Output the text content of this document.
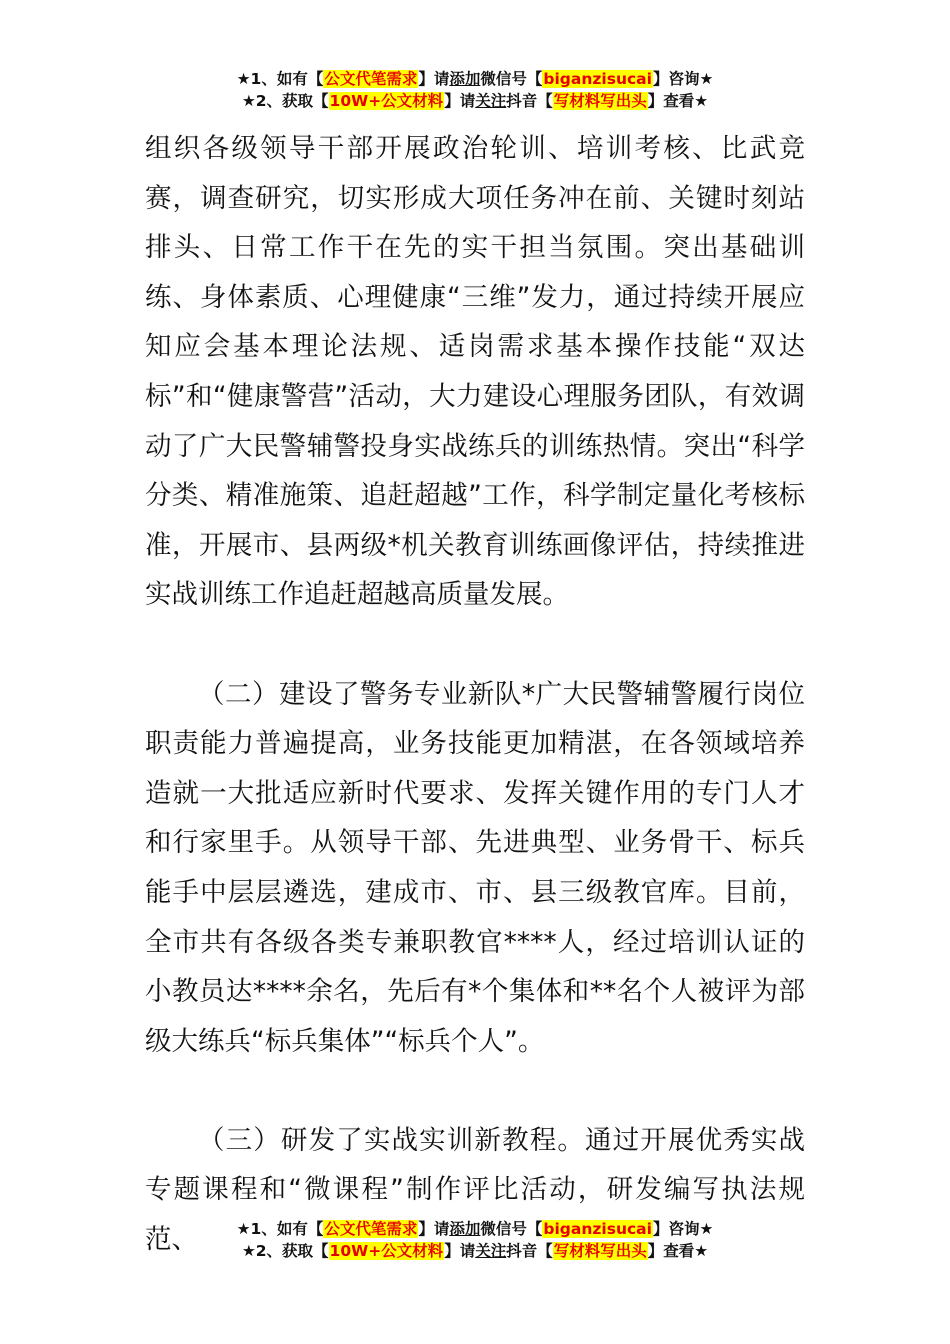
★1、如有【公文代笔需求】请添加微信号【biganzisucai】咨询★
★2、获取【10W+公文材料】请关注抖音【写材料写出头】查看★

组织各级领导干部开展政治轮训、培训考核、比武竞赛，调查研究，切实形成大项任务冲在前、关键时刻站排头、日常工作干在先的实干担当氛围。突出基础训练、身体素质、心理健康“三维”发力，通过持续开展应知应会基本理论法规、适岗需求基本操作技能“双达标”和“健康警营”活动，大力建设心理服务团队，有效调动了广大民警辅警投身实战练兵的训练热情。突出“科学分类、精准施策、追赶超越”工作，科学制定量化考核标准，开展市、县两级*机关教育训练画像评估，持续推进实战训练工作追赶超越高质量发展。

（二）建设了警务专业新队*广大民警辅警履行岗位职责能力普遍提高，业务技能更加精湛，在各领域培养造就一大批适应新时代要求、发挥关键作用的专门人才和行家里手。从领导干部、先进典型、业务骨干、标兵能手中层层遴选，建成市、市、县三级教官库。目前，全市共有各级各类专兼职教官****人，经过培训认证的小教员达****余名，先后有*个集体和**名个人被评为部级大练兵“标兵集体”“标兵个人”。

（三）研发了实战实训新教程。通过开展优秀实战专题课程和“微课程”制作评比活动，研发编写执法规范、	★1、如有【公文代笔需求】请添加微信号【biganzisucai】咨询★
★2、获取【10W+公文材料】请关注抖音【写材料写出头】查看★
